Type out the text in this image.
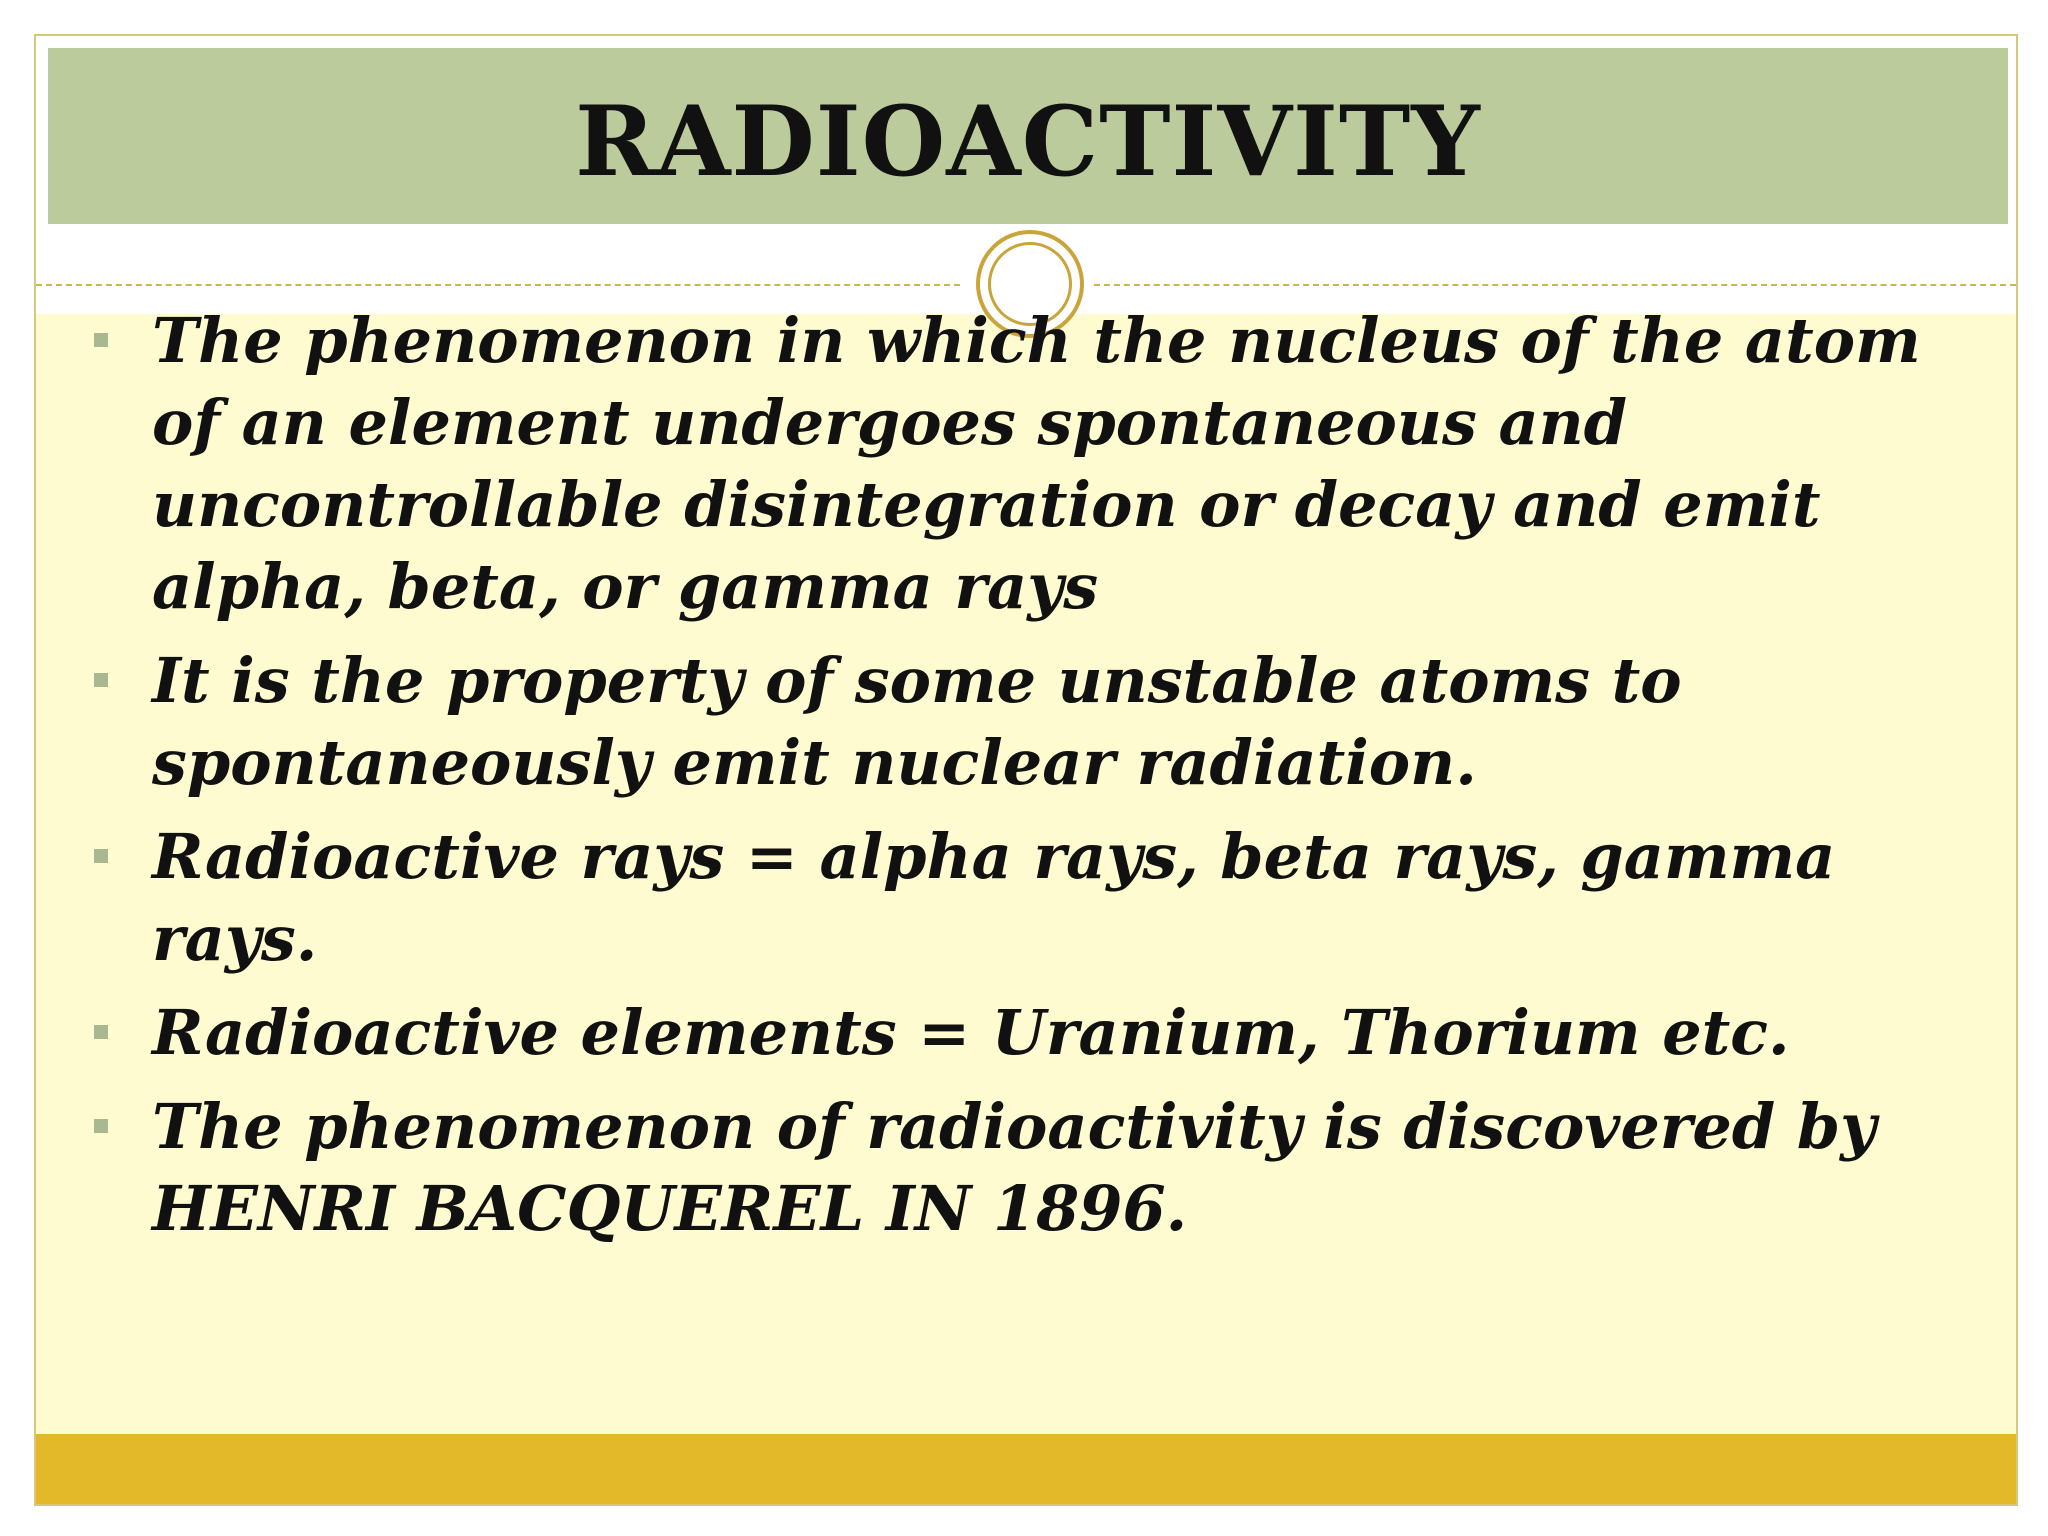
RADIOACTIVITY
The phenomenon in which the nucleus of the atom of an element undergoes spontaneous and uncontrollable disintegration or decay and emit alpha, beta, or gamma rays
It is the property of some unstable atoms to spontaneously emit nuclear radiation.
Radioactive rays = alpha rays, beta rays, gamma rays.
Radioactive elements = Uranium, Thorium etc.
The phenomenon of radioactivity is discovered by HENRI BACQUEREL IN 1896.
